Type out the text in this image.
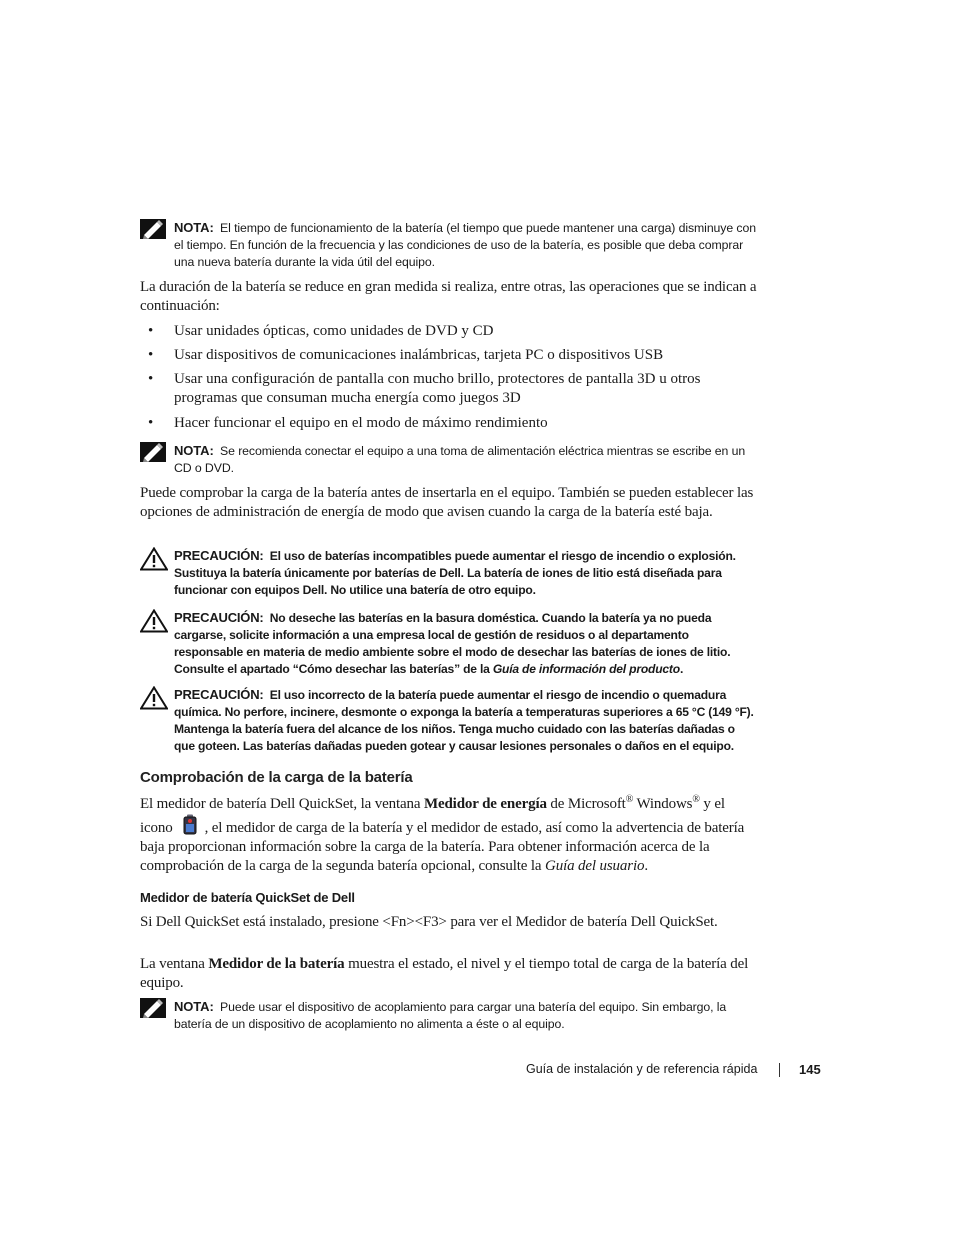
NOTA: El tiempo de funcionamiento de la batería (el tiempo que puede mantener una carga) disminuye con el tiempo. En función de la frecuencia y las condiciones de uso de la batería, es posible que deba comprar una nueva batería durante la vida útil del equipo.
La duración de la batería se reduce en gran medida si realiza, entre otras, las operaciones que se indican a continuación:
• Usar unidades ópticas, como unidades de DVD y CD
• Usar dispositivos de comunicaciones inalámbricas, tarjeta PC o dispositivos USB
• Usar una configuración de pantalla con mucho brillo, protectores de pantalla 3D u otros programas que consuman mucha energía como juegos 3D
• Hacer funcionar el equipo en el modo de máximo rendimiento
NOTA: Se recomienda conectar el equipo a una toma de alimentación eléctrica mientras se escribe en un CD o DVD.
Puede comprobar la carga de la batería antes de insertarla en el equipo. También se pueden establecer las opciones de administración de energía de modo que avisen cuando la carga de la batería esté baja.
PRECAUCIÓN: El uso de baterías incompatibles puede aumentar el riesgo de incendio o explosión. Sustituya la batería únicamente por baterías de Dell. La batería de iones de litio está diseñada para funcionar con equipos Dell. No utilice una batería de otro equipo.
PRECAUCIÓN: No deseche las baterías en la basura doméstica. Cuando la batería ya no pueda cargarse, solicite información a una empresa local de gestión de residuos o al departamento responsable en materia de medio ambiente sobre el modo de desechar las baterías de iones de litio. Consulte el apartado “Cómo desechar las baterías” de la Guía de información del producto.
PRECAUCIÓN: El uso incorrecto de la batería puede aumentar el riesgo de incendio o quemadura química. No perfore, incinere, desmonte o exponga la batería a temperaturas superiores a 65 °C (149 °F). Mantenga la batería fuera del alcance de los niños. Tenga mucho cuidado con las baterías dañadas o que goteen. Las baterías dañadas pueden gotear y causar lesiones personales o daños en el equipo.
Comprobación de la carga de la batería
El medidor de batería Dell QuickSet, la ventana Medidor de energía de Microsoft® Windows® y el icono , el medidor de carga de la batería y el medidor de estado, así como la advertencia de batería baja proporcionan información sobre la carga de la batería. Para obtener información acerca de la comprobación de la carga de la segunda batería opcional, consulte la Guía del usuario.
Medidor de batería QuickSet de Dell
Si Dell QuickSet está instalado, presione <Fn><F3> para ver el Medidor de batería Dell QuickSet.
La ventana Medidor de la batería muestra el estado, el nivel y el tiempo total de carga de la batería del equipo.
NOTA: Puede usar el dispositivo de acoplamiento para cargar una batería del equipo. Sin embargo, la batería de un dispositivo de acoplamiento no alimenta a éste o al equipo.
Guía de instalación y de referencia rápida	145
